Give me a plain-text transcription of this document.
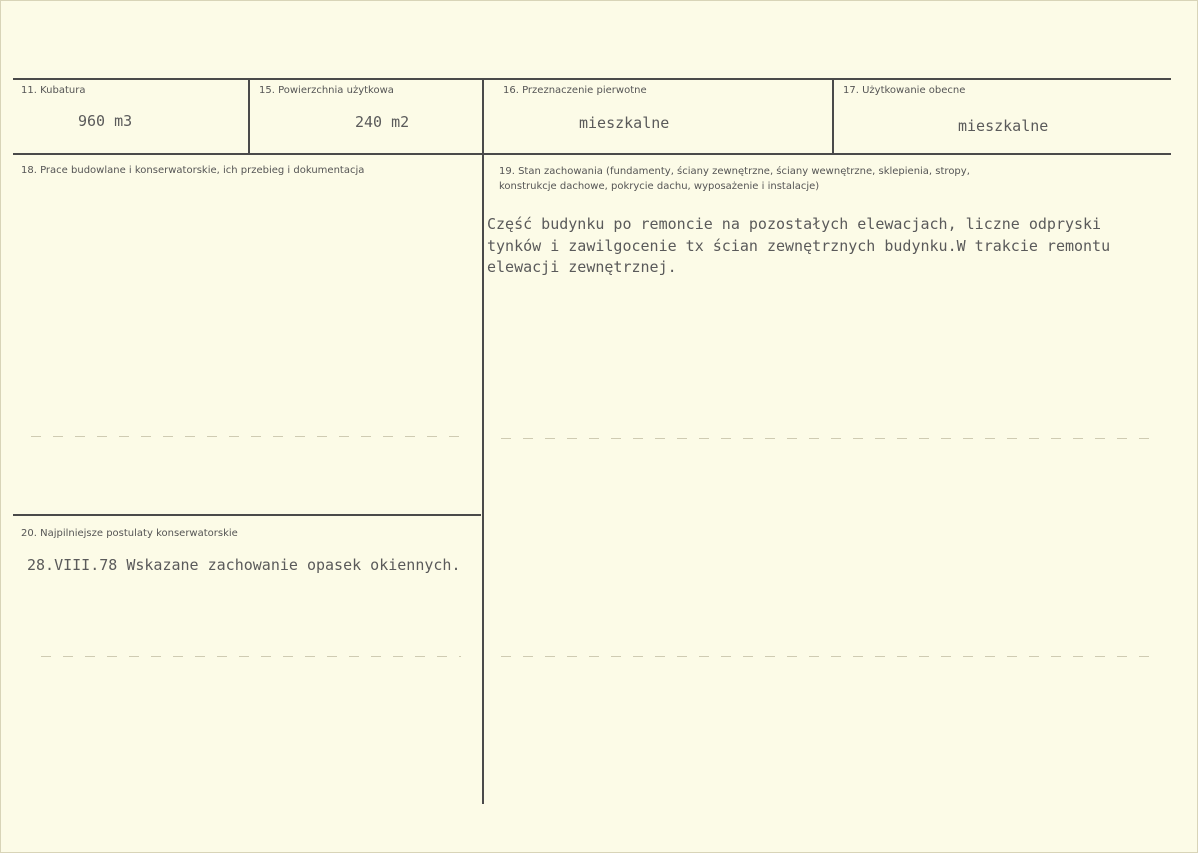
11. Kubatura
960 m3
15. Powierzchnia użytkowa
240 m2
16. Przeznaczenie pierwotne
mieszkalne
17. Użytkowanie obecne
mieszkalne
18. Prace budowlane i konserwatorskie, ich przebieg i dokumentacja	19. Stan zachowania (fundamenty, ściany zewnętrzne, ściany wewnętrzne, sklepienia, stropy,
konstrukcje dachowe, pokrycie dachu, wyposażenie i instalacje)
Część budynku po remoncie na pozostałych elewacjach, liczne odpryski
tynków i zawilgocenie tx ścian zewnętrznych budynku.W trakcie remontu
elewacji zewnętrznej.
20. Najpilniejsze postulaty konserwatorskie
28.VIII.78 Wskazane zachowanie opasek okiennych.
